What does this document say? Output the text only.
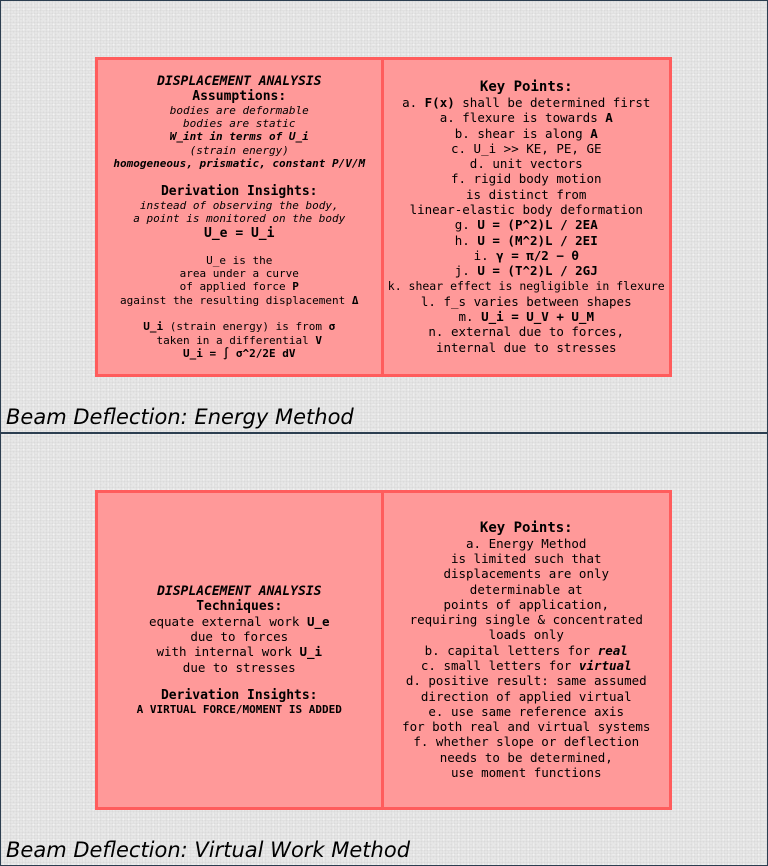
DISPLACEMENT ANALYSIS
Assumptions:
bodies are deformable
bodies are static
W_int in terms of U_i
(strain energy)
homogeneous, prismatic, constant P/V/M
Derivation Insights:
instead of observing the body,
a point is monitored on the body
U_e = U_i
U_e is the
area under a curve
of applied force P
against the resulting displacement Δ
U_i (strain energy) is from σ
taken in a differential V
U_i = ∫ σ^2/2E dV
Key Points:
a. F(x) shall be determined first
a. flexure is towards A
b. shear is along A
c. U_i >> KE, PE, GE
d. unit vectors
f. rigid body motion
is distinct from
linear-elastic body deformation
g. U = (P^2)L / 2EA
h. U = (M^2)L / 2EI
i. γ = π/2 − θ
j. U = (T^2)L / 2GJ
k. shear effect is negligible in flexure
l. f_s varies between shapes
m. U_i = U_V + U_M
n. external due to forces,
internal due to stresses
Beam Deflection: Energy Method
DISPLACEMENT ANALYSIS
Techniques:
equate external work U_e
due to forces
with internal work U_i
due to stresses
Derivation Insights:
A VIRTUAL FORCE/MOMENT IS ADDED
Key Points:
a. Energy Method
is limited such that
displacements are only
determinable at
points of application,
requiring single & concentrated
loads only
b. capital letters for real
c. small letters for virtual
d. positive result: same assumed
direction of applied virtual
e. use same reference axis
for both real and virtual systems
f. whether slope or deflection
needs to be determined,
use moment functions
Beam Deflection: Virtual Work Method
